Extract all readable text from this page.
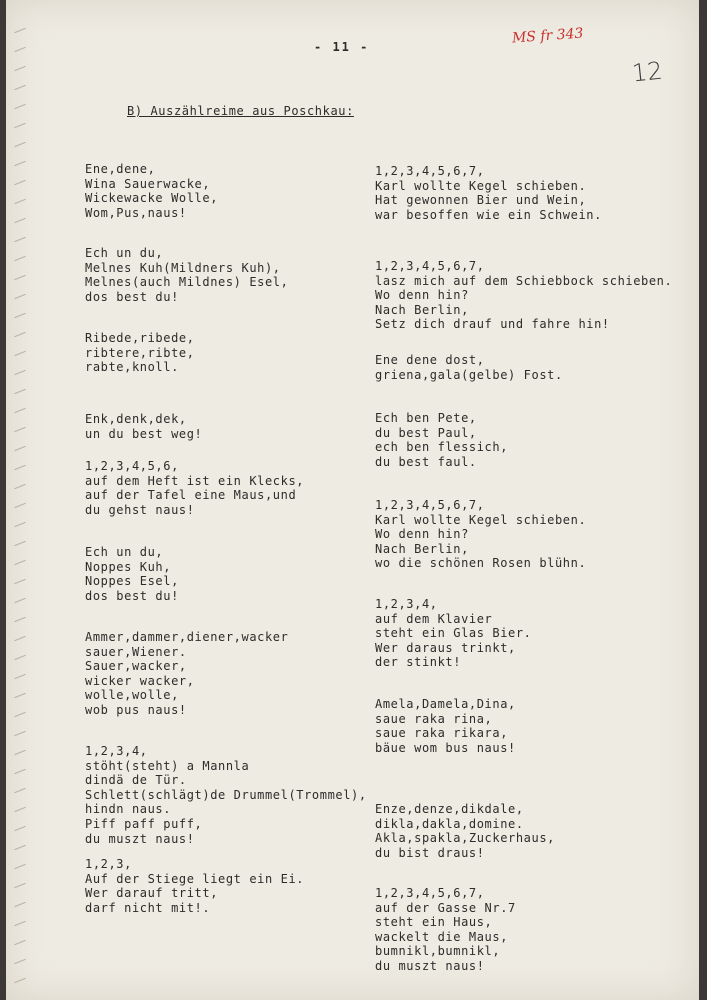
- 11 -
MS fr 343
12
B) Auszählreime aus Poschkau:
Ene,dene,
Wina Sauerwacke,
Wickewacke Wolle,
Wom,Pus,naus!
Ech un du,
Melnes Kuh(Mildners Kuh),
Melnes(auch Mildnes) Esel,
dos best du!
Ribede,ribede,
ribtere,ribte,
rabte,knoll.
Enk,denk,dek,
un du best weg!
1,2,3,4,5,6,
auf dem Heft ist ein Klecks,
auf der Tafel eine Maus,und
du gehst naus!
Ech un du,
Noppes Kuh,
Noppes Esel,
dos best du!
Ammer,dammer,diener,wacker
sauer,Wiener.
Sauer,wacker,
wicker wacker,
wolle,wolle,
wob pus naus!
1,2,3,4,
stöht(steht) a Mannla
dindä de Tür.
Schlett(schlägt)de Drummel(Trommel),
hindn naus.
Piff paff puff,
du muszt naus!
1,2,3,
Auf der Stiege liegt ein Ei.
Wer darauf tritt,
darf nicht mit!.
1,2,3,4,5,6,7,
Karl wollte Kegel schieben.
Hat gewonnen Bier und Wein,
war besoffen wie ein Schwein.
1,2,3,4,5,6,7,
lasz mich auf dem Schiebbock schieben.
Wo denn hin?
Nach Berlin,
Setz dich drauf und fahre hin!
Ene dene dost,
griena,gala(gelbe) Fost.
Ech ben Pete,
du best Paul,
ech ben flessich,
du best faul.
1,2,3,4,5,6,7,
Karl wollte Kegel schieben.
Wo denn hin?
Nach Berlin,
wo die schönen Rosen blühn.
1,2,3,4,
auf dem Klavier
steht ein Glas Bier.
Wer daraus trinkt,
der stinkt!
Amela,Damela,Dina,
saue raka rina,
saue raka rikara,
bäue wom bus naus!
Enze,denze,dikdale,
dikla,dakla,domine.
Akla,spakla,Zuckerhaus,
du bist draus!
1,2,3,4,5,6,7,
auf der Gasse Nr.7
steht ein Haus,
wackelt die Maus,
bumnikl,bumnikl,
du muszt naus!
